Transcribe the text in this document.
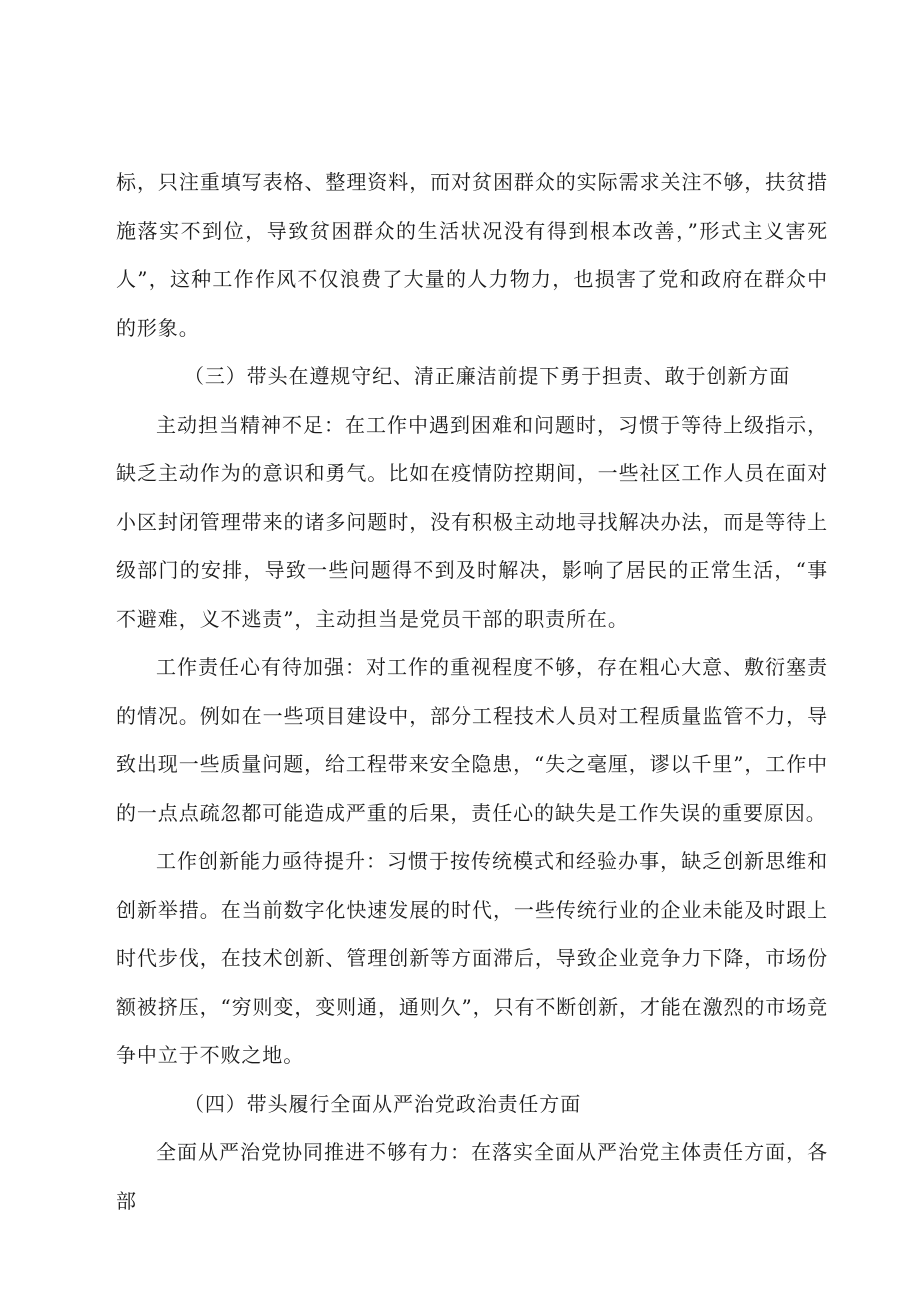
标，只注重填写表格、整理资料，而对贫困群众的实际需求关注不够，扶贫措施落实不到位，导致贫困群众的生活状况没有得到根本改善，”形式主义害死人”，这种工作作风不仅浪费了大量的人力物力，也损害了党和政府在群众中的形象。

（三）带头在遵规守纪、清正廉洁前提下勇于担责、敢于创新方面

主动担当精神不足：在工作中遇到困难和问题时，习惯于等待上级指示，缺乏主动作为的意识和勇气。比如在疫情防控期间，一些社区工作人员在面对小区封闭管理带来的诸多问题时，没有积极主动地寻找解决办法，而是等待上级部门的安排，导致一些问题得不到及时解决，影响了居民的正常生活，“事不避难，义不逃责”，主动担当是党员干部的职责所在。

工作责任心有待加强：对工作的重视程度不够，存在粗心大意、敷衍塞责的情况。例如在一些项目建设中，部分工程技术人员对工程质量监管不力，导致出现一些质量问题，给工程带来安全隐患，“失之毫厘，谬以千里”，工作中的一点点疏忽都可能造成严重的后果，责任心的缺失是工作失误的重要原因。

工作创新能力亟待提升：习惯于按传统模式和经验办事，缺乏创新思维和创新举措。在当前数字化快速发展的时代，一些传统行业的企业未能及时跟上时代步伐，在技术创新、管理创新等方面滞后，导致企业竞争力下降，市场份额被挤压，“穷则变，变则通，通则久”，只有不断创新，才能在激烈的市场竞争中立于不败之地。

（四）带头履行全面从严治党政治责任方面

全面从严治党协同推进不够有力：在落实全面从严治党主体责任方面，各部
